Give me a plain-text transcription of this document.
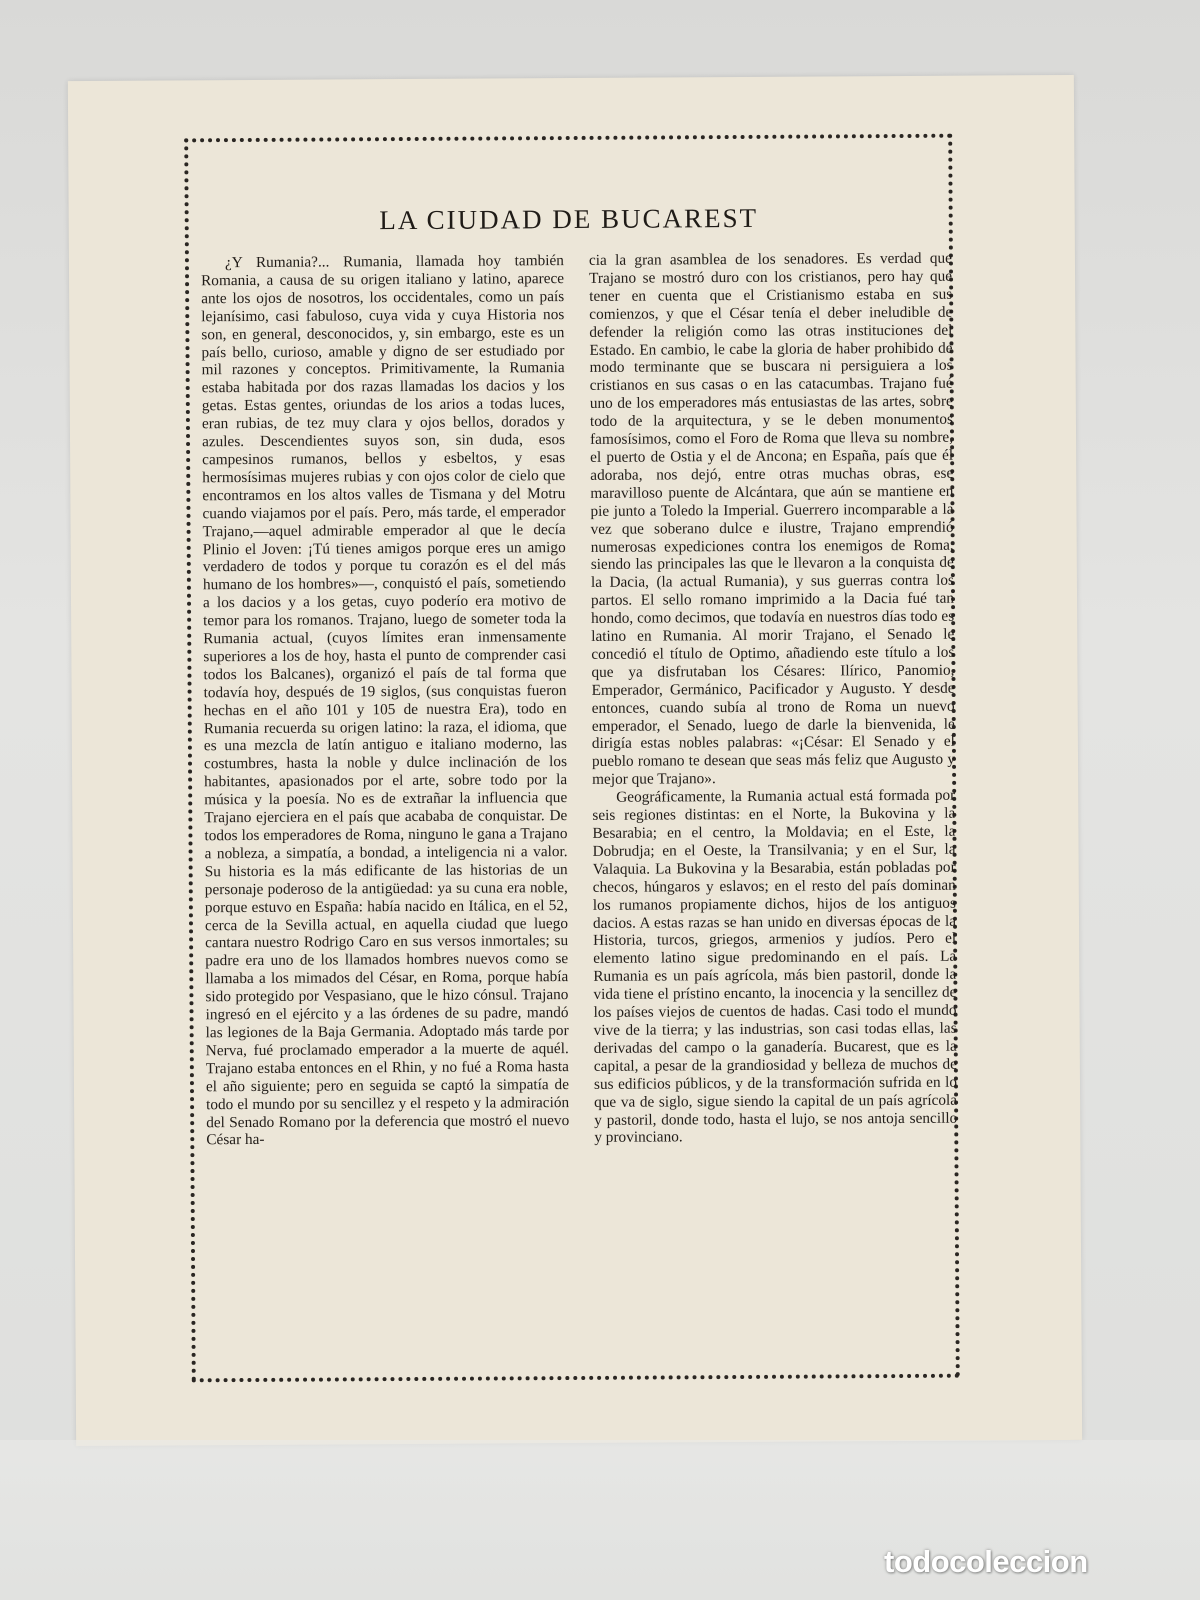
LA CIUDAD DE BUCAREST

¿Y Rumania?... Rumania, llamada hoy también Romania, a causa de su origen italiano y latino, aparece ante los ojos de nosotros, los occidentales, como un país lejanísimo, casi fabuloso, cuya vida y cuya Historia nos son, en general, desconocidos, y, sin embargo, este es un país bello, curioso, amable y digno de ser estudiado por mil razones y conceptos. Primitivamente, la Rumania estaba habitada por dos razas llamadas los dacios y los getas. Estas gentes, oriundas de los arios a todas luces, eran rubias, de tez muy clara y ojos bellos, dorados y azules. Descendientes suyos son, sin duda, esos campesinos rumanos, bellos y esbeltos, y esas hermosísimas mujeres rubias y con ojos color de cielo que encontramos en los altos valles de Tismana y del Motru cuando viajamos por el país. Pero, más tarde, el emperador Trajano,—aquel admirable emperador al que le decía Plinio el Joven: ¡Tú tienes amigos porque eres un amigo verdadero de todos y porque tu corazón es el del más humano de los hombres»—, conquistó el país, sometiendo a los dacios y a los getas, cuyo poderío era motivo de temor para los romanos. Trajano, luego de someter toda la Rumania actual, (cuyos límites eran inmensamente superiores a los de hoy, hasta el punto de comprender casi todos los Balcanes), organizó el país de tal forma que todavía hoy, después de 19 siglos, (sus conquistas fueron hechas en el año 101 y 105 de nuestra Era), todo en Rumania recuerda su origen latino: la raza, el idioma, que es una mezcla de latín antiguo e italiano moderno, las costumbres, hasta la noble y dulce inclinación de los habitantes, apasionados por el arte, sobre todo por la música y la poesía. No es de extrañar la influencia que Trajano ejerciera en el país que acababa de conquistar. De todos los emperadores de Roma, ninguno le gana a Trajano a nobleza, a simpatía, a bondad, a inteligencia ni a valor. Su historia es la más edificante de las historias de un personaje poderoso de la antigüedad: ya su cuna era noble, porque estuvo en España: había nacido en Itálica, en el 52, cerca de la Sevilla actual, en aquella ciudad que luego cantara nuestro Rodrigo Caro en sus versos inmortales; su padre era uno de los llamados hombres nuevos como se llamaba a los mimados del César, en Roma, porque había sido protegido por Vespasiano, que le hizo cónsul. Trajano ingresó en el ejército y a las órdenes de su padre, mandó las legiones de la Baja Germania. Adoptado más tarde por Nerva, fué proclamado emperador a la muerte de aquél. Trajano estaba entonces en el Rhin, y no fué a Roma hasta el año siguiente; pero en seguida se captó la simpatía de todo el mundo por su sencillez y el respeto y la admiración del Senado Romano por la deferencia que mostró el nuevo César ha-

cia la gran asamblea de los senadores. Es verdad que Trajano se mostró duro con los cristianos, pero hay que tener en cuenta que el Cristianismo estaba en sus comienzos, y que el César tenía el deber ineludible de defender la religión como las otras instituciones del Estado. En cambio, le cabe la gloria de haber prohibido de modo terminante que se buscara ni persiguiera a los cristianos en sus casas o en las catacumbas. Trajano fué uno de los emperadores más entusiastas de las artes, sobre todo de la arquitectura, y se le deben monumentos famosísimos, como el Foro de Roma que lleva su nombre, el puerto de Ostia y el de Ancona; en España, país que él adoraba, nos dejó, entre otras muchas obras, ese maravilloso puente de Alcántara, que aún se mantiene en pie junto a Toledo la Imperial. Guerrero incomparable a la vez que soberano dulce e ilustre, Trajano emprendió numerosas expediciones contra los enemigos de Roma, siendo las principales las que le llevaron a la conquista de la Dacia, (la actual Rumania), y sus guerras contra los partos. El sello romano imprimido a la Dacia fué tan hondo, como decimos, que todavía en nuestros días todo es latino en Rumania. Al morir Trajano, el Senado le concedió el título de Optimo, añadiendo este título a los que ya disfrutaban los Césares: Ilírico, Panomio, Emperador, Germánico, Pacificador y Augusto. Y desde entonces, cuando subía al trono de Roma un nuevo emperador, el Senado, luego de darle la bienvenida, le dirigía estas nobles palabras: «¡César: El Senado y el pueblo romano te desean que seas más feliz que Augusto y mejor que Trajano».

Geográficamente, la Rumania actual está formada por seis regiones distintas: en el Norte, la Bukovina y la Besarabia; en el centro, la Moldavia; en el Este, la Dobrudja; en el Oeste, la Transilvania; y en el Sur, la Valaquia. La Bukovina y la Besarabia, están pobladas por checos, húngaros y eslavos; en el resto del país dominan los rumanos propiamente dichos, hijos de los antiguos dacios. A estas razas se han unido en diversas épocas de la Historia, turcos, griegos, armenios y judíos. Pero el elemento latino sigue predominando en el país. La Rumania es un país agrícola, más bien pastoril, donde la vida tiene el prístino encanto, la inocencia y la sencillez de los países viejos de cuentos de hadas. Casi todo el mundo vive de la tierra; y las industrias, son casi todas ellas, las derivadas del campo o la ganadería. Bucarest, que es la capital, a pesar de la grandiosidad y belleza de muchos de sus edificios públicos, y de la transformación sufrida en lo que va de siglo, sigue siendo la capital de un país agrícola y pastoril, donde todo, hasta el lujo, se nos antoja sencillo y provinciano.

todocoleccion
